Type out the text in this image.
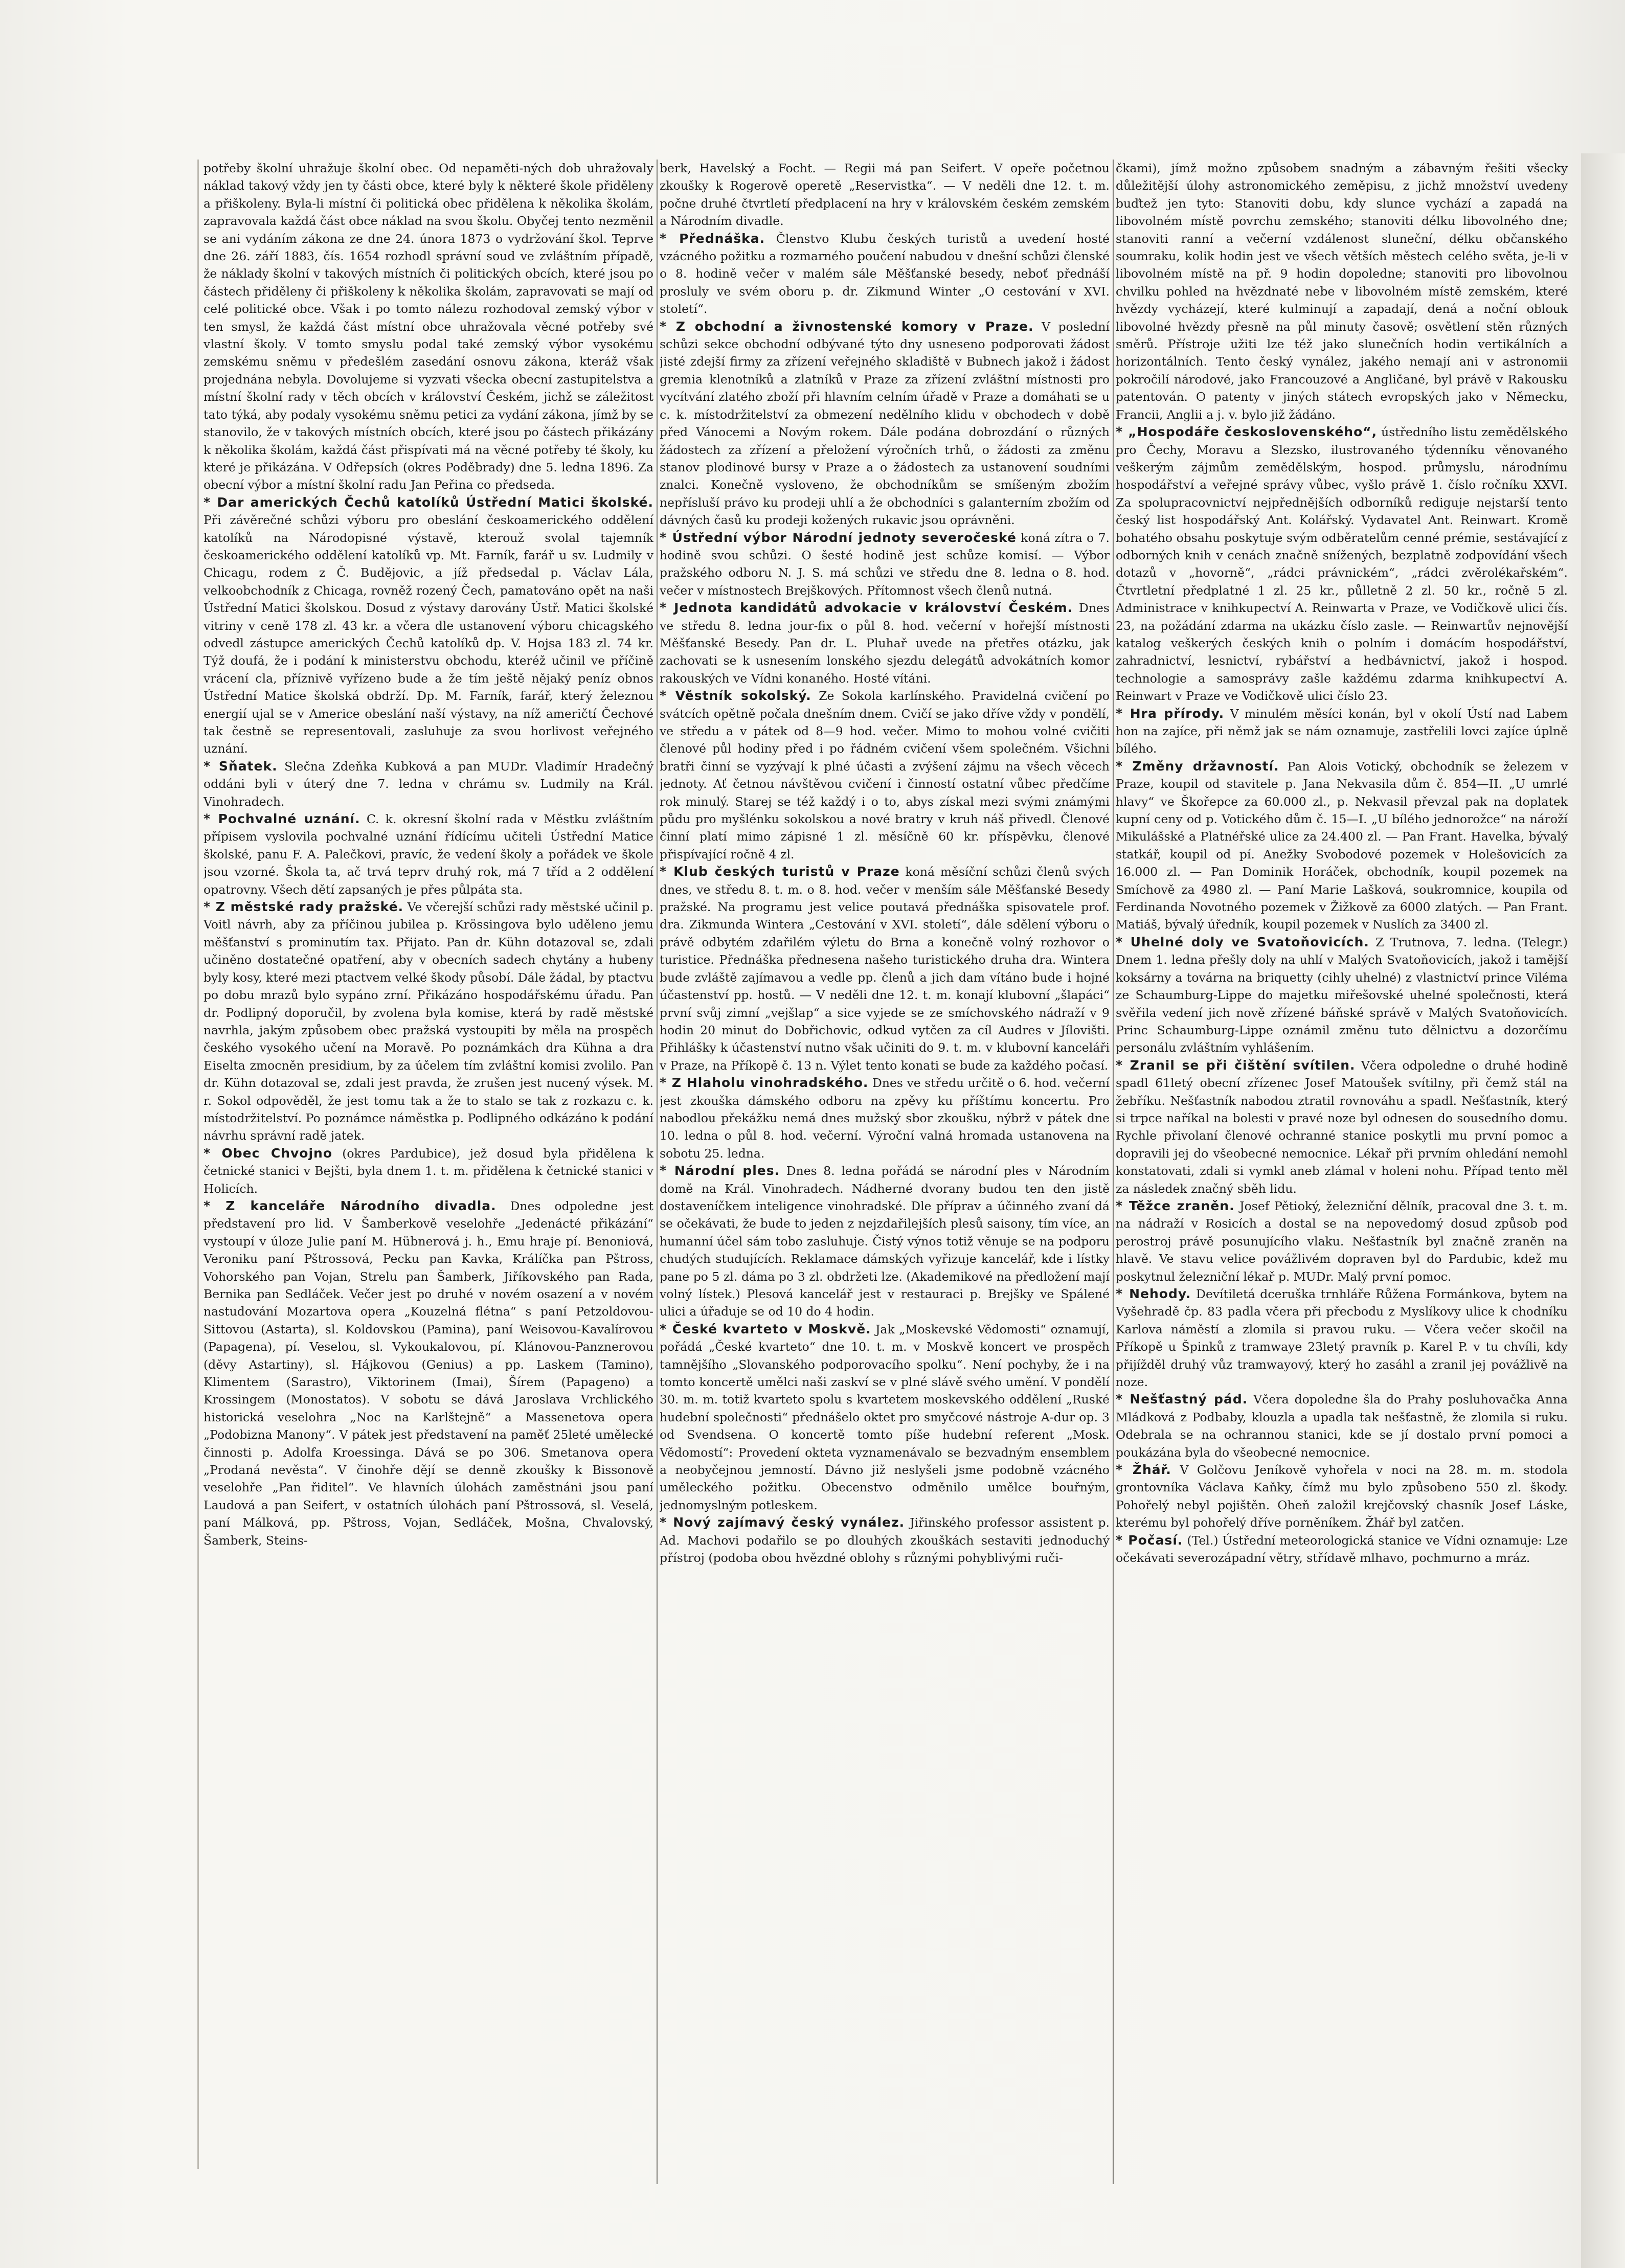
potřeby školní uhražuje školní obec. Od nepaměti-ných dob uhražovaly náklad takový vždy jen ty části obce, které byly k některé škole přiděleny a přiškoleny. Byla-li místní či politická obec přidělena k několika školám, zapravovala každá část obce náklad na svou školu. Obyčej tento nezměnil se ani vydáním zákona ze dne 24. února 1873 o vydržování škol. Teprve dne 26. září 1883, čís. 1654 rozhodl správní soud ve zvláštním případě, že náklady školní v takových místních či politických obcích, které jsou po částech přiděleny či přiškoleny k několika školám, zapravovati se mají od celé politické obce. Však i po tomto nálezu rozhodoval zemský výbor v ten smysl, že každá část místní obce uhražovala věcné potřeby své vlastní školy. V tomto smyslu podal také zemský výbor vysokému zemskému sněmu v předešlém zasedání osnovu zákona, kteráž však projednána nebyla. Dovolujeme si vyzvati všecka obecní zastupitelstva a místní školní rady v těch obcích v království Českém, jichž se záležitost tato týká, aby podaly vysokému sněmu petici za vydání zákona, jímž by se stanovilo, že v takových místních obcích, které jsou po částech přikázány k několika školám, každá část přispívati má na věcné potřeby té školy, ku které je přikázána. V Odřepsích (okres Poděbrady) dne 5. ledna 1896. Za obecní výbor a místní školní radu Jan Peřina co předseda.

* Dar amerických Čechů katolíků Ústřední Matici školské. Při závěrečné schůzi výboru pro obeslání českoamerického oddělení katolíků na Národopisné výstavě, kterouž svolal tajemník českoamerického oddělení katolíků vp. Mt. Farník, farář u sv. Ludmily v Chicagu, rodem z Č. Budějovic, a jíž předsedal p. Václav Lála, velkoobchodník z Chicaga, rovněž rozený Čech, pamatováno opět na naši Ústřední Matici školskou. Dosud z výstavy darovány Ústř. Matici školské vitriny v ceně 178 zl. 43 kr. a včera dle ustanovení výboru chicagského odvedl zástupce amerických Čechů katolíků dp. V. Hojsa 183 zl. 74 kr. Týž doufá, že i podání k ministerstvu obchodu, kteréž učinil ve příčině vrácení cla, příznivě vyřízeno bude a že tím ještě nějaký peníz obnos Ústřední Matice školská obdrží. Dp. M. Farník, farář, který železnou energií ujal se v Americe obeslání naší výstavy, na níž američtí Čechové tak čestně se representovali, zasluhuje za svou horlivost veřejného uznání.

* Sňatek. Slečna Zdeňka Kubková a pan MUDr. Vladimír Hradečný oddáni byli v úterý dne 7. ledna v chrámu sv. Ludmily na Král. Vinohradech.

* Pochvalné uznání. C. k. okresní školní rada v Městku zvláštním přípisem vyslovila pochvalné uznání řídícímu učiteli Ústřední Matice školské, panu F. A. Palečkovi, pravíc, že vedení školy a pořádek ve škole jsou vzorné. Škola ta, ač trvá teprv druhý rok, má 7 tříd a 2 oddělení opatrovny. Všech dětí zapsaných je přes půlpáta sta.

* Z městské rady pražské. Ve včerejší schůzi rady městské učinil p. Voitl návrh, aby za příčinou jubilea p. Krössingova bylo uděleno jemu měšťanství s prominutím tax. Přijato. Pan dr. Kühn dotazoval se, zdali učiněno dostatečné opatření, aby v obecních sadech chytány a hubeny byly kosy, které mezi ptactvem velké škody působí. Dále žádal, by ptactvu po dobu mrazů bylo sypáno zrní. Přikázáno hospodářskému úřadu. Pan dr. Podlipný doporučil, by zvolena byla komise, která by radě městské navrhla, jakým způsobem obec pražská vystoupiti by měla na prospěch českého vysokého učení na Moravě. Po poznámkách dra Kühna a dra Eiselta zmocněn presidium, by za účelem tím zvláštní komisi zvolilo. Pan dr. Kühn dotazoval se, zdali jest pravda, že zrušen jest nucený výsek. M. r. Sokol odpověděl, že jest tomu tak a že to stalo se tak z rozkazu c. k. místodržitelství. Po poznámce náměstka p. Podlipného odkázáno k podání návrhu správní radě jatek.

* Obec Chvojno (okres Pardubice), jež dosud byla přidělena k četnické stanici v Bejšti, byla dnem 1. t. m. přidělena k četnické stanici v Holicích.

* Z kanceláře Národního divadla. Dnes odpoledne jest představení pro lid. V Šamberkově veselohře „Jedenácté přikázání“ vystoupí v úloze Julie paní M. Hübnerová j. h., Emu hraje pí. Benoniová, Veroniku paní Pštrossová, Pecku pan Kavka, Králíčka pan Pštross, Vohorského pan Vojan, Strelu pan Šamberk, Jiříkovského pan Rada, Bernika pan Sedláček. Večer jest po druhé v novém osazení a v novém nastudování Mozartova opera „Kouzelná flétna“ s paní Petzoldovou-Sittovou (Astarta), sl. Koldovskou (Pamina), paní Weisovou-Kavalírovou (Papagena), pí. Veselou, sl. Vykoukalovou, pí. Klánovou-Panznerovou (děvy Astartiny), sl. Hájkovou (Genius) a pp. Laskem (Tamino), Klimentem (Sarastro), Viktorinem (Imai), Šírem (Papageno) a Krossingem (Monostatos). V sobotu se dává Jaroslava Vrchlického historická veselohra „Noc na Karlštejně“ a Massenetova opera „Podobizna Manony“. V pátek jest představení na paměť 25leté umělecké činnosti p. Adolfa Kroessinga. Dává se po 306. Smetanova opera „Prodaná nevěsta“. V činohře dějí se denně zkoušky k Bissonově veselohře „Pan řiditel“. Ve hlavních úlohách zaměstnáni jsou paní Laudová a pan Seifert, v ostatních úlohách paní Pštrossová, sl. Veselá, paní Málková, pp. Pštross, Vojan, Sedláček, Mošna, Chvalovský, Šamberk, Steins-

berk, Havelský a Focht. — Regii má pan Seifert. V opeře početnou zkoušky k Rogerově operetě „Reservistka“. — V neděli dne 12. t. m. počne druhé čtvrtletí předplacení na hry v královském českém zemském a Národním divadle.

* Přednáška. Členstvo Klubu českých turistů a uvedení hosté vzácného požitku a rozmarného poučení nabudou v dnešní schůzi členské o 8. hodině večer v malém sále Měšťanské besedy, neboť přednáší prosluly ve svém oboru p. dr. Zikmund Winter „O cestování v XVI. století“.

* Z obchodní a živnostenské komory v Praze. V poslední schůzi sekce obchodní odbývané týto dny usneseno podporovati žádost jisté zdejší firmy za zřízení veřejného skladiště v Bubnech jakož i žádost gremia klenotníků a zlatníků v Praze za zřízení zvláštní místnosti pro vycítvání zlatého zboží při hlavním celním úřadě v Praze a domáhati se u c. k. místodržitelství za obmezení nedělního klidu v obchodech v době před Vánocemi a Novým rokem. Dále podána dobrozdání o různých žádostech za zřízení a přeložení výročních trhů, o žádosti za změnu stanov plodinové bursy v Praze a o žádostech za ustanovení soudními znalci. Konečně vysloveno, že obchodníkům se smíšeným zbožím nepřísluší právo ku prodeji uhlí a že obchodníci s galanterním zbožím od dávných časů ku prodeji kožených rukavic jsou oprávněni.

* Ústřední výbor Národní jednoty severočeské koná zítra o 7. hodině svou schůzi. O šesté hodině jest schůze komisí. — Výbor pražského odboru N. J. S. má schůzi ve středu dne 8. ledna o 8. hod. večer v místnostech Brejškových. Přítomnost všech členů nutná.

* Jednota kandidátů advokacie v království Českém. Dnes ve středu 8. ledna jour-fix o půl 8. hod. večerní v hořejší místnosti Měšťanské Besedy. Pan dr. L. Pluhař uvede na přetřes otázku, jak zachovati se k usnesením lonského sjezdu delegátů advokátních komor rakouských ve Vídni konaného. Hosté vítáni.

* Věstník sokolský. Ze Sokola karlínského. Pravidelná cvičení po svátcích opětně počala dnešním dnem. Cvičí se jako dříve vždy v pondělí, ve středu a v pátek od 8—9 hod. večer. Mimo to mohou volné cvičiti členové půl hodiny před i po řádném cvičení všem společném. Všichni bratři činní se vyzývají k plné účasti a zvýšení zájmu na všech věcech jednoty. Ať četnou návštěvou cvičení i činností ostatní vůbec předčíme rok minulý. Starej se též každý i o to, abys získal mezi svými známými půdu pro myšlénku sokolskou a nové bratry v kruh náš přivedl. Členové činní platí mimo zápisné 1 zl. měsíčně 60 kr. příspěvku, členové přispívající ročně 4 zl.

* Klub českých turistů v Praze koná měsíční schůzi členů svých dnes, ve středu 8. t. m. o 8. hod. večer v menším sále Měšťanské Besedy pražské. Na programu jest velice poutavá přednáška spisovatele prof. dra. Zikmunda Wintera „Cestování v XVI. století“, dále sdělení výboru o právě odbytém zdařilém výletu do Brna a konečně volný rozhovor o turistice. Přednáška přednesena našeho turistického druha dra. Wintera bude zvláště zajímavou a vedle pp. členů a jich dam vítáno bude i hojné účastenství pp. hostů. — V neděli dne 12. t. m. konají klubovní „šlapáci“ první svůj zimní „vejšlap“ a sice vyjede se ze smíchovského nádraží v 9 hodin 20 minut do Dobřichovic, odkud vytčen za cíl Audres v Jílovišti. Přihlášky k účastenství nutno však učiniti do 9. t. m. v klubovní kanceláři v Praze, na Příkopě č. 13 n. Výlet tento konati se bude za každého počasí.

* Z Hlaholu vinohradského. Dnes ve středu určitě o 6. hod. večerní jest zkouška dámského odboru na zpěvy ku příštímu koncertu. Pro nabodlou překážku nemá dnes mužský sbor zkoušku, nýbrž v pátek dne 10. ledna o půl 8. hod. večerní. Výroční valná hromada ustanovena na sobotu 25. ledna.

* Národní ples. Dnes 8. ledna pořádá se národní ples v Národním domě na Král. Vinohradech. Nádherné dvorany budou ten den jistě dostaveníčkem inteligence vinohradské. Dle příprav a účinného zvaní dá se očekávati, že bude to jeden z nejzdařilejších plesů saisony, tím více, an humanní účel sám tobo zasluhuje. Čistý výnos totiž věnuje se na podporu chudých studujících. Reklamace dámských vyřizuje kancelář, kde i lístky pane po 5 zl. dáma po 3 zl. obdržeti lze. (Akademikové na předložení mají volný lístek.) Plesová kancelář jest v restauraci p. Brejšky ve Spálené ulici a úřaduje se od 10 do 4 hodin.

* České kvarteto v Moskvě. Jak „Moskevské Vědomosti“ oznamují, pořádá „České kvarteto“ dne 10. t. m. v Moskvě koncert ve prospěch tamnějšího „Slovanského podporovacího spolku“. Není pochyby, že i na tomto koncertě umělci naši zaskví se v plné slávě svého umění. V pondělí 30. m. m. totiž kvarteto spolu s kvartetem moskevského oddělení „Ruské hudební společnosti“ přednášelo oktet pro smyčcové nástroje A-dur op. 3 od Svendsena. O koncertě tomto píše hudební referent „Mosk. Vědomostí“: Provedení okteta vyznamenávalo se bezvadným ensemblem a neobyčejnou jemností. Dávno již neslyšeli jsme podobně vzácného uměleckého požitku. Obecenstvo odměnilo umělce bouřným, jednomyslným potleskem.

* Nový zajímavý český vynález. Jiřinského professor assistent p. Ad. Machovi podařilo se po dlouhých zkouškách sestaviti jednoduchý přístroj (podoba obou hvězdné oblohy s různými pohyblivými ruči-

čkami), jímž možno způsobem snadným a zábavným řešiti všecky důležitější úlohy astronomického zeměpisu, z jichž množství uvedeny buďtež jen tyto: Stanoviti dobu, kdy slunce vychází a zapadá na libovolném místě povrchu zemského; stanoviti délku libovolného dne; stanoviti ranní a večerní vzdálenost sluneční, délku občanského soumraku, kolik hodin jest ve všech větších městech celého světa, je-li v libovolném místě na př. 9 hodin dopoledne; stanoviti pro libovolnou chvilku pohled na hvězdnaté nebe v libovolném místě zemském, které hvězdy vycházejí, které kulminují a zapadají, dená a noční oblouk libovolné hvězdy přesně na půl minuty časově; osvětlení stěn různých směrů. Přístroje užiti lze též jako slunečních hodin vertikálních a horizontálních. Tento český vynález, jakého nemají ani v astronomii pokročilí národové, jako Francouzové a Angličané, byl právě v Rakousku patentován. O patenty v jiných státech evropských jako v Německu, Francii, Anglii a j. v. bylo již žádáno.

* „Hospodáře československého“, ústředního listu zemědělského pro Čechy, Moravu a Slezsko, ilustrovaného týdenníku věnovaného veškerým zájmům zemědělským, hospod. průmyslu, národnímu hospodářství a veřejné správy vůbec, vyšlo právě 1. číslo ročníku XXVI. Za spolupracovnictví nejpřednějších odborníků rediguje nejstarší tento český list hospodářský Ant. Kolářský. Vydavatel Ant. Reinwart. Kromě bohatého obsahu poskytuje svým odběratelům cenné prémie, sestávající z odborných knih v cenách značně snížených, bezplatně zodpovídání všech dotazů v „hovorně“, „rádci právnickém“, „rádci zvěrolékařském“. Čtvrtletní předplatné 1 zl. 25 kr., půlletně 2 zl. 50 kr., ročně 5 zl. Administrace v knihkupectví A. Reinwarta v Praze, ve Vodičkově ulici čís. 23, na požádání zdarma na ukázku číslo zasle. — Reinwartův nejnovější katalog veškerých českých knih o polním i domácím hospodářství, zahradnictví, lesnictví, rybářství a hedbávnictví, jakož i hospod. technologie a samosprávy zašle každému zdarma knihkupectví A. Reinwart v Praze ve Vodičkově ulici číslo 23.

* Hra přírody. V minulém měsíci konán, byl v okolí Ústí nad Labem hon na zajíce, při němž jak se nám oznamuje, zastřelili lovci zajíce úplně bílého.

* Změny državností. Pan Alois Votický, obchodník se železem v Praze, koupil od stavitele p. Jana Nekvasila dům č. 854—II. „U umrlé hlavy“ ve Škořepce za 60.000 zl., p. Nekvasil převzal pak na doplatek kupní ceny od p. Votického dům č. 15—I. „U bílého jednorožce“ na nároží Mikulášské a Platnéřské ulice za 24.400 zl. — Pan Frant. Havelka, bývalý statkář, koupil od pí. Anežky Svobodové pozemek v Holešovicích za 16.000 zl. — Pan Dominik Horáček, obchodník, koupil pozemek na Smíchově za 4980 zl. — Paní Marie Lašková, soukromnice, koupila od Ferdinanda Novotného pozemek v Žižkově za 6000 zlatých. — Pan Frant. Matiáš, bývalý úředník, koupil pozemek v Nuslích za 3400 zl.

* Uhelné doly ve Svatoňovicích. Z Trutnova, 7. ledna. (Telegr.) Dnem 1. ledna přešly doly na uhlí v Malých Svatoňovicích, jakož i tamější koksárny a továrna na briquetty (cihly uhelné) z vlastnictví prince Viléma ze Schaumburg-Lippe do majetku miřešovské uhelné společnosti, která svěřila vedení jich nově zřízené báňské správě v Malých Svatoňovicích. Princ Schaumburg-Lippe oznámil změnu tuto dělnictvu a dozorčímu personálu zvláštním vyhlášením.

* Zranil se při čištění svítilen. Včera odpoledne o druhé hodině spadl 61letý obecní zřízenec Josef Matoušek svítilny, při čemž stál na žebříku. Nešťastník nabodou ztratil rovnováhu a spadl. Nešťastník, který si trpce naříkal na bolesti v pravé noze byl odnesen do sousedního domu. Rychle přivolaní členové ochranné stanice poskytli mu první pomoc a dopravili jej do všeobecné nemocnice. Lékař při prvním ohledání nemohl konstatovati, zdali si vymkl aneb zlámal v holeni nohu. Případ tento měl za následek značný sběh lidu.

* Těžce zraněn. Josef Pětioký, železniční dělník, pracoval dne 3. t. m. na nádraží v Rosicích a dostal se na nepovedomý dosud způsob pod perostroj právě posunujícího vlaku. Nešťastník byl značně zraněn na hlavě. Ve stavu velice povážlivém dopraven byl do Pardubic, kdež mu poskytnul železniční lékař p. MUDr. Malý první pomoc.

* Nehody. Devítiletá dceruška trnhláře Růžena Formánkova, bytem na Vyšehradě čp. 83 padla včera při přecbodu z Myslíkovy ulice k chodníku Karlova náměstí a zlomila si pravou ruku. — Včera večer skočil na Příkopě u Špinků z tramwaye 23letý pravník p. Karel P. v tu chvíli, kdy přijížděl druhý vůz tramwayový, který ho zasáhl a zranil jej povážlivě na noze.

* Nešťastný pád. Včera dopoledne šla do Prahy posluhovačka Anna Mládková z Podbaby, klouzla a upadla tak nešťastně, že zlomila si ruku. Odebrala se na ochrannou stanici, kde se jí dostalo první pomoci a poukázána byla do všeobecné nemocnice.

* Žhář. V Golčovu Jeníkově vyhořela v noci na 28. m. m. stodola grontovníka Václava Kaňky, čímž mu bylo způsobeno 550 zl. škody. Pohořelý nebyl pojištěn. Oheň založil krejčovský chasník Josef Láske, kterému byl pohořelý dříve porněníkem. Žhář byl zatčen.

* Počasí. (Tel.) Ústřední meteorologická stanice ve Vídni oznamuje: Lze očekávati severozápadní větry, střídavě mlhavo, pochmurno a mráz.
